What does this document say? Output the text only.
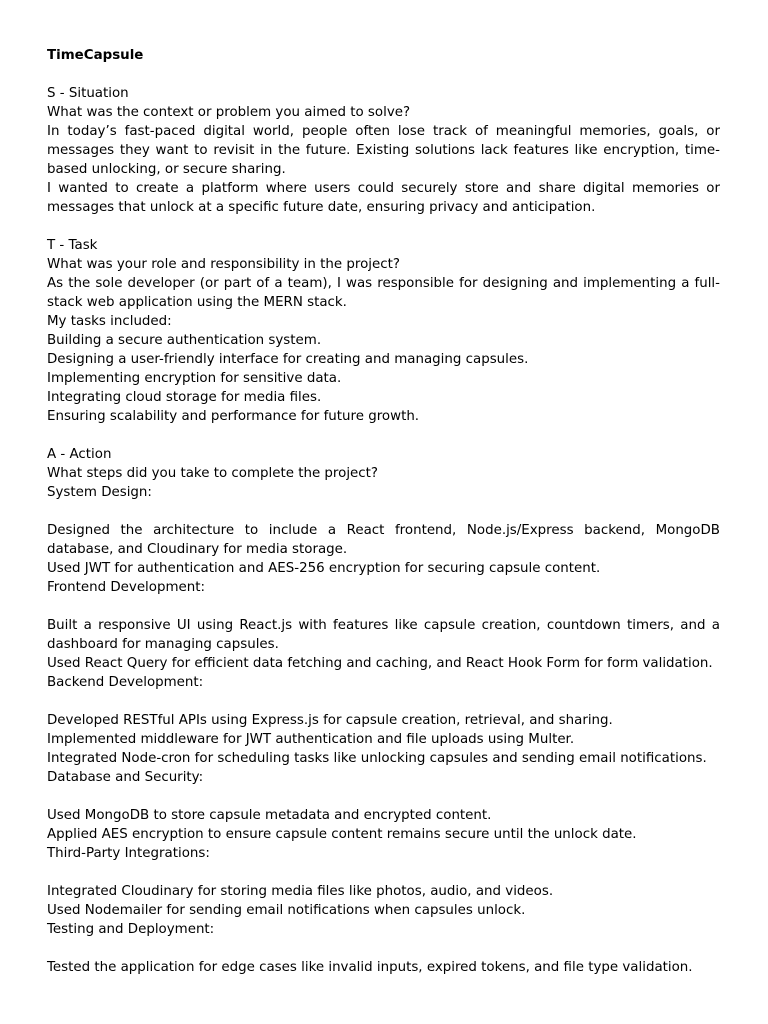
TimeCapsule
S - Situation
What was the context or problem you aimed to solve?
In today’s fast-paced digital world, people often lose track of meaningful memories, goals, or messages they want to revisit in the future. Existing solutions lack features like encryption, time-based unlocking, or secure sharing.
I wanted to create a platform where users could securely store and share digital memories or messages that unlock at a specific future date, ensuring privacy and anticipation.
T - Task
What was your role and responsibility in the project?
As the sole developer (or part of a team), I was responsible for designing and implementing a full-stack web application using the MERN stack.
My tasks included:
Building a secure authentication system.
Designing a user-friendly interface for creating and managing capsules.
Implementing encryption for sensitive data.
Integrating cloud storage for media files.
Ensuring scalability and performance for future growth.
A - Action
What steps did you take to complete the project?
System Design:
Designed the architecture to include a React frontend, Node.js/Express backend, MongoDB database, and Cloudinary for media storage.
Used JWT for authentication and AES-256 encryption for securing capsule content.
Frontend Development:
Built a responsive UI using React.js with features like capsule creation, countdown timers, and a dashboard for managing capsules.
Used React Query for efficient data fetching and caching, and React Hook Form for form validation.
Backend Development:
Developed RESTful APIs using Express.js for capsule creation, retrieval, and sharing.
Implemented middleware for JWT authentication and file uploads using Multer.
Integrated Node-cron for scheduling tasks like unlocking capsules and sending email notifications.
Database and Security:
Used MongoDB to store capsule metadata and encrypted content.
Applied AES encryption to ensure capsule content remains secure until the unlock date.
Third-Party Integrations:
Integrated Cloudinary for storing media files like photos, audio, and videos.
Used Nodemailer for sending email notifications when capsules unlock.
Testing and Deployment:
Tested the application for edge cases like invalid inputs, expired tokens, and file type validation.
